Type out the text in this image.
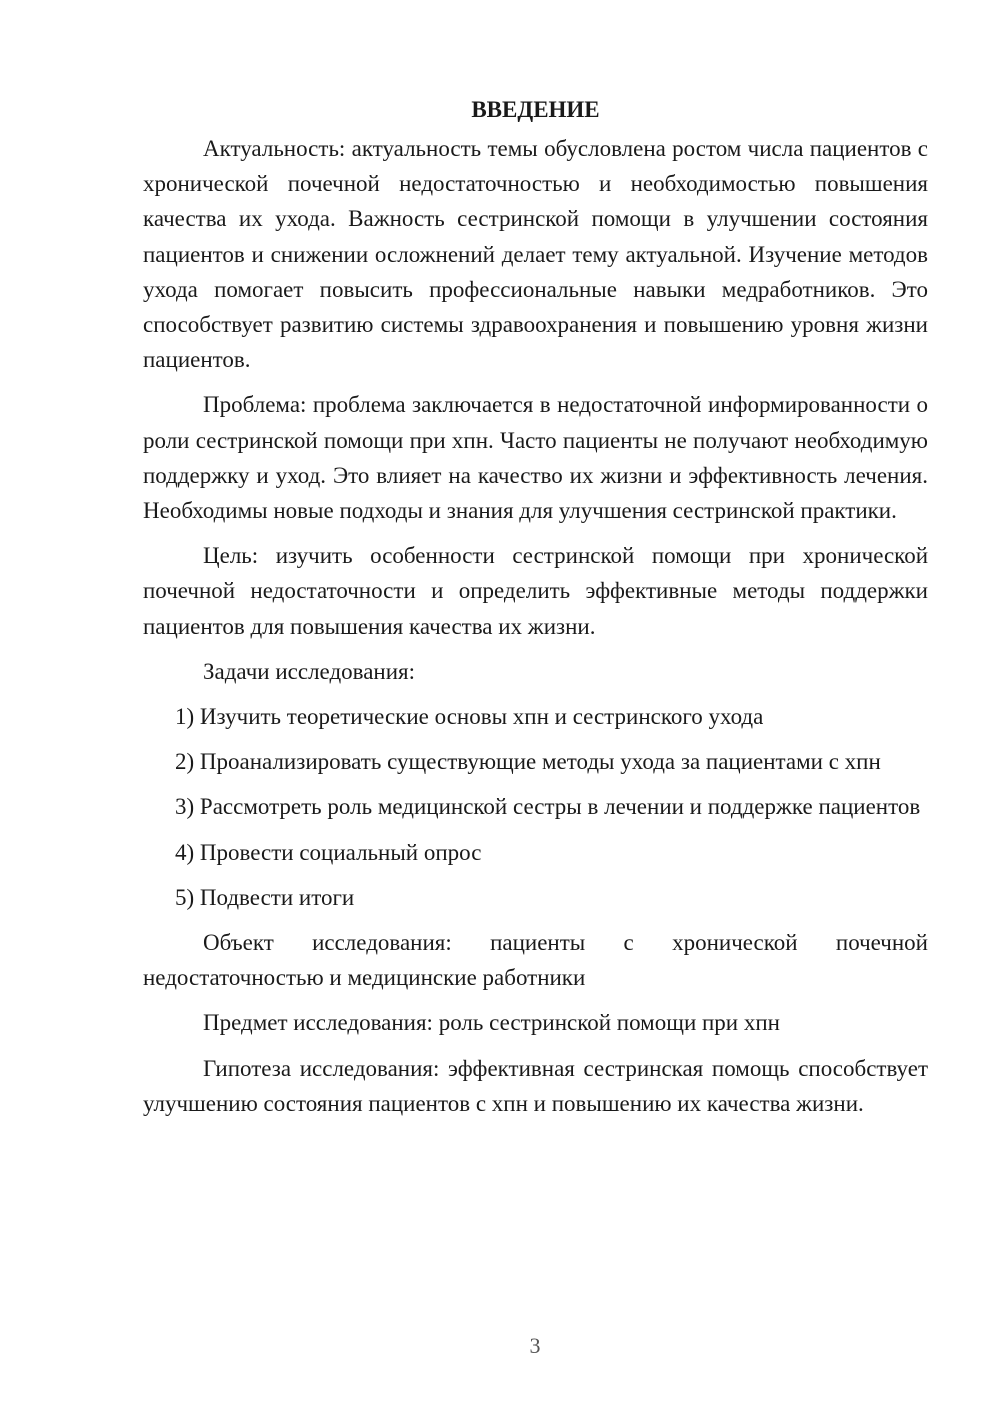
ВВЕДЕНИЕ

Актуальность: актуальность темы обусловлена ростом числа пациентов с хронической почечной недостаточностью и необходимостью повышения качества их ухода. Важность сестринской помощи в улучшении состояния пациентов и снижении осложнений делает тему актуальной. Изучение методов ухода помогает повысить профессиональные навыки медработников. Это способствует развитию системы здравоохранения и повышению уровня жизни пациентов.

Проблема: проблема заключается в недостаточной информированности о роли сестринской помощи при хпн. Часто пациенты не получают необходимую поддержку и уход. Это влияет на качество их жизни и эффективность лечения. Необходимы новые подходы и знания для улучшения сестринской практики.

Цель: изучить особенности сестринской помощи при хронической почечной недостаточности и определить эффективные методы поддержки пациентов для повышения качества их жизни.

Задачи исследования:

1) Изучить теоретические основы хпн и сестринского ухода

2) Проанализировать существующие методы ухода за пациентами с хпн

3) Рассмотреть роль медицинской сестры в лечении и поддержке пациентов

4) Провести социальный опрос

5) Подвести итоги

Объект исследования: пациенты с хронической почечной недостаточностью и медицинские работники

Предмет исследования: роль сестринской помощи при хпн

Гипотеза исследования: эффективная сестринская помощь способствует улучшению состояния пациентов с хпн и повышению их качества жизни.

3
